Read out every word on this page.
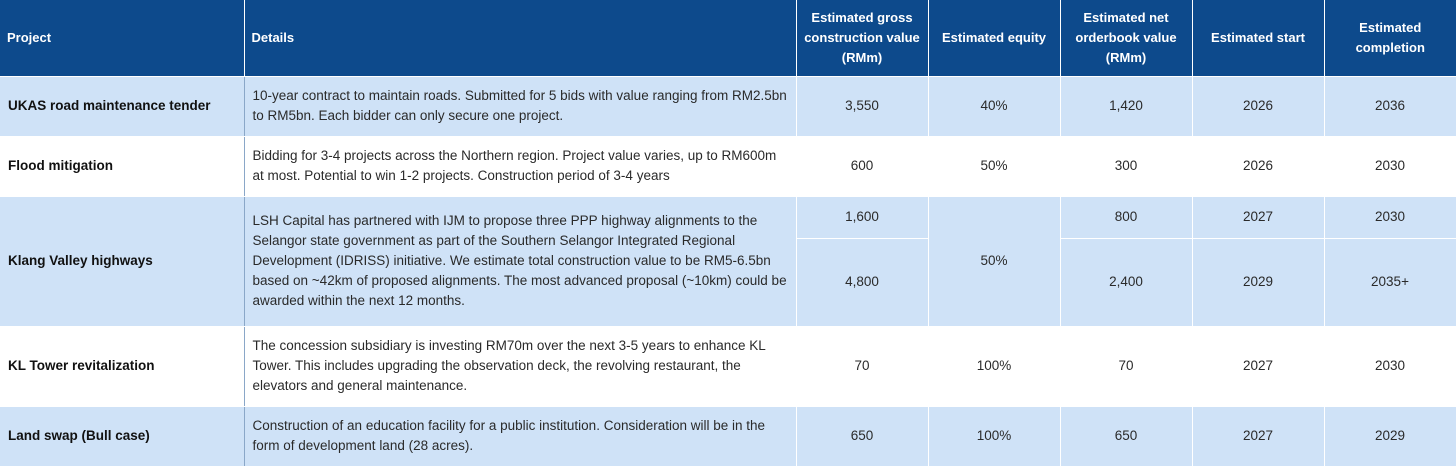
Project	Details	Estimated gross construction value (RMm)	Estimated equity	Estimated net orderbook value (RMm)	Estimated start	Estimated completion
UKAS road maintenance tender	10-year contract to maintain roads. Submitted for 5 bids with value ranging from RM2.5bn to RM5bn. Each bidder can only secure one project.	3,550	40%	1,420	2026	2036
Flood mitigation	Bidding for 3-4 projects across the Northern region. Project value varies, up to RM600m at most. Potential to win 1-2 projects. Construction period of 3-4 years	600	50%	300	2026	2030
Klang Valley highways	LSH Capital has partnered with IJM to propose three PPP highway alignments to the Selangor state government as part of the Southern Selangor Integrated Regional Development (IDRISS) initiative. We estimate total construction value to be RM5-6.5bn based on ~42km of proposed alignments. The most advanced proposal (~10km) could be awarded within the next 12 months.	1,600	50%	800	2027	2030
		4,800		2,400	2029	2035+
KL Tower revitalization	The concession subsidiary is investing RM70m over the next 3-5 years to enhance KL Tower. This includes upgrading the observation deck, the revolving restaurant, the elevators and general maintenance.	70	100%	70	2027	2030
Land swap (Bull case)	Construction of an education facility for a public institution. Consideration will be in the form of development land (28 acres).	650	100%	650	2027	2029
